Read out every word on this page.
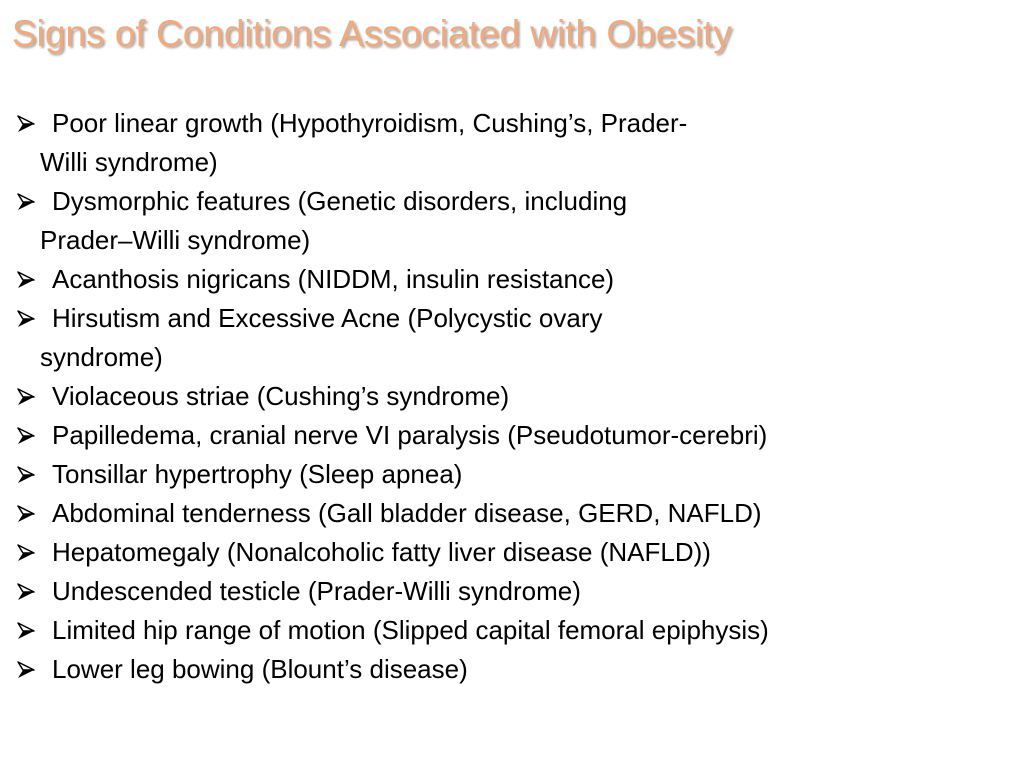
Signs of Conditions Associated with Obesity
Poor linear growth (Hypothyroidism, Cushing’s, Prader-
Willi syndrome)
Dysmorphic features (Genetic disorders, including
Prader–Willi syndrome)
Acanthosis nigricans (NIDDM, insulin resistance)
Hirsutism and Excessive Acne (Polycystic ovary
syndrome)
Violaceous striae (Cushing’s syndrome)
Papilledema, cranial nerve VI paralysis (Pseudotumor-cerebri)
Tonsillar hypertrophy (Sleep apnea)
Abdominal tenderness (Gall bladder disease, GERD, NAFLD)
Hepatomegaly (Nonalcoholic fatty liver disease (NAFLD))
Undescended testicle (Prader-Willi syndrome)
Limited hip range of motion (Slipped capital femoral epiphysis)
Lower leg bowing (Blount’s disease)
